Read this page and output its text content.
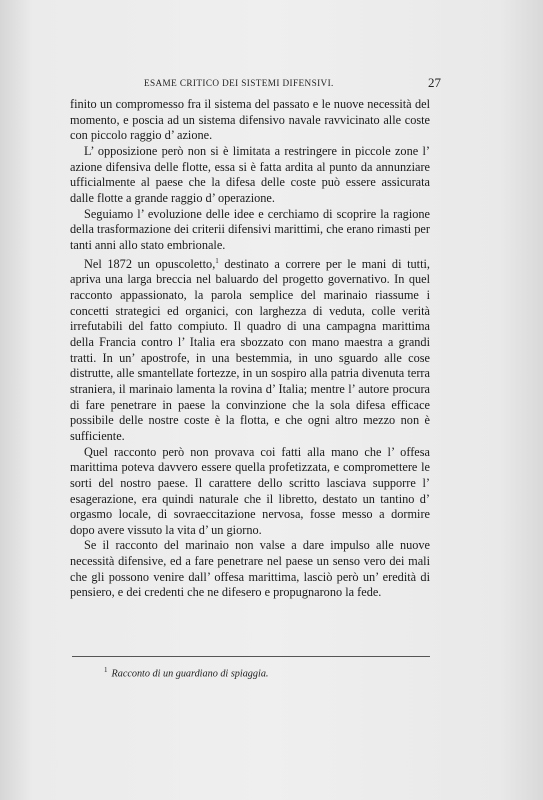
ESAME CRITICO DEI SISTEMI DIFENSIVI.	27

finito un compromesso fra il sistema del passato e le nuove necessità del momento, e poscia ad un sistema difensivo navale ravvicinato alle coste con piccolo raggio d’ azione.

L’ opposizione però non si è limitata a restringere in piccole zone l’ azione difensiva delle flotte, essa si è fatta ardita al punto da annunziare ufficialmente al paese che la difesa delle coste può essere assicurata dalle flotte a grande raggio d’ operazione.

Seguiamo l’ evoluzione delle idee e cerchiamo di scoprire la ragione della trasformazione dei criterii difensivi marittimi, che erano rimasti per tanti anni allo stato embrionale.

Nel 1872 un opuscoletto,$^1$ destinato a correre per le mani di tutti, apriva una larga breccia nel baluardo del progetto governativo. In quel racconto appassionato, la parola semplice del marinaio riassume i concetti strategici ed organici, con larghezza di veduta, colle verità irrefutabili del fatto compiuto. Il quadro di una campagna marittima della Francia contro l’ Italia era sbozzato con mano maestra a grandi tratti. In un’ apostrofe, in una bestemmia, in uno sguardo alle cose distrutte, alle smantellate fortezze, in un sospiro alla patria divenuta terra straniera, il marinaio lamenta la rovina d’ Italia; mentre l’ autore procura di fare penetrare in paese la convinzione che la sola difesa efficace possibile delle nostre coste è la flotta, e che ogni altro mezzo non è sufficiente.

Quel racconto però non provava coi fatti alla mano che l’ offesa marittima poteva davvero essere quella profetizzata, e compromettere le sorti del nostro paese. Il carattere dello scritto lasciava supporre l’ esagerazione, era quindi naturale che il libretto, destato un tantino d’ orgasmo locale, di sovraeccitazione nervosa, fosse messo a dormire dopo avere vissuto la vita d’ un giorno.

Se il racconto del marinaio non valse a dare impulso alle nuove necessità difensive, ed a fare penetrare nel paese un senso vero dei mali che gli possono venire dall’ offesa marittima, lasciò però un’ eredità di pensiero, e dei credenti che ne difesero e propugnarono la fede.

$^1$ Racconto di un guardiano di spiaggia.
